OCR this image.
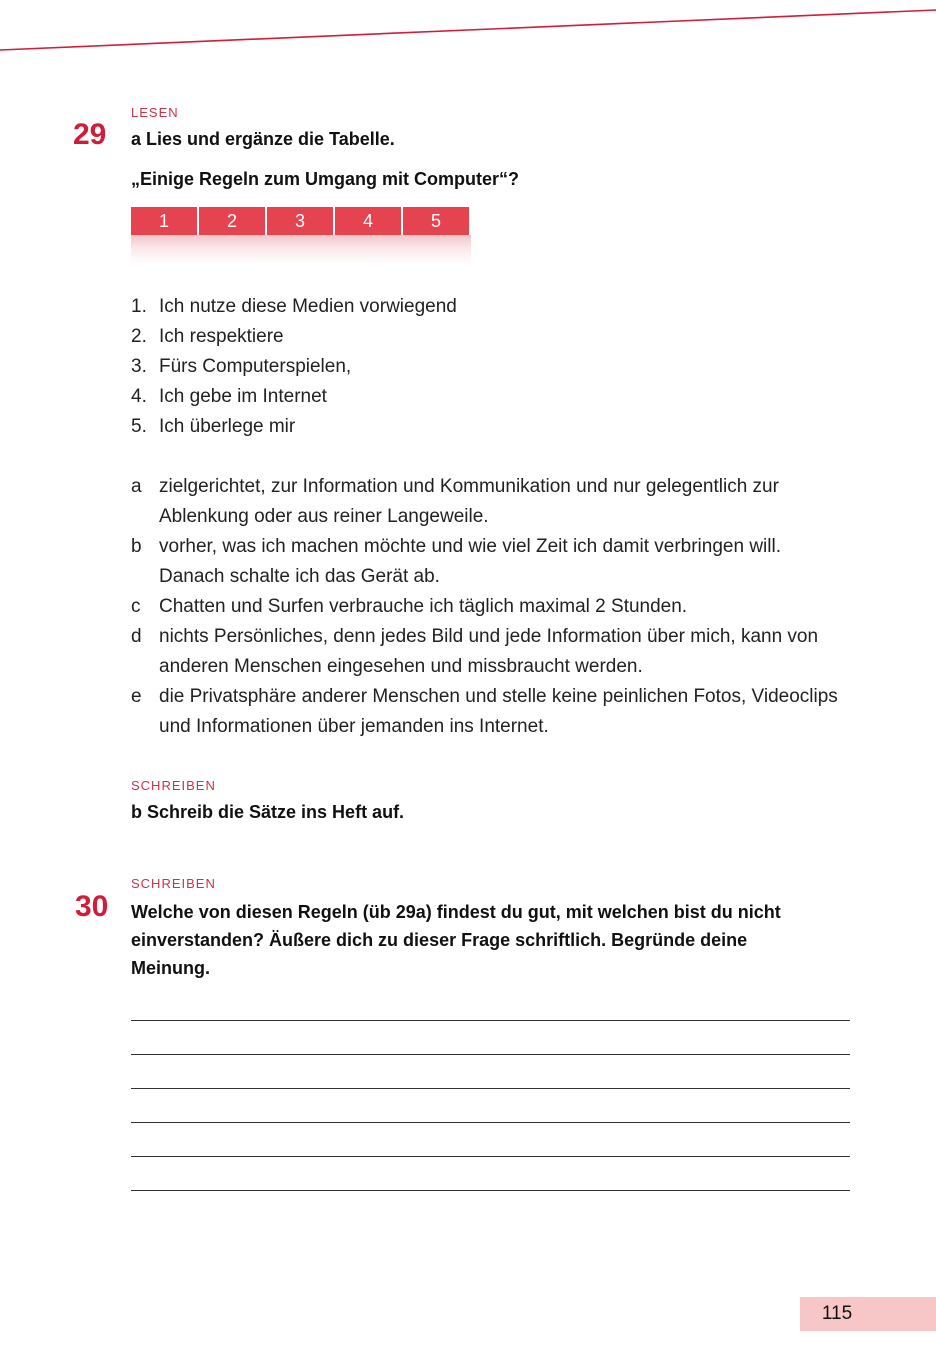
LESEN
29 a Lies und ergänze die Tabelle.
„Einige Regeln zum Umgang mit Computer“?
1	2	3	4	5
1. Ich nutze diese Medien vorwiegend
2. Ich respektiere
3. Fürs Computerspielen,
4. Ich gebe im Internet
5. Ich überlege mir
a zielgerichtet, zur Information und Kommunikation und nur gelegentlich zur Ablenkung oder aus reiner Langeweile.
b vorher, was ich machen möchte und wie viel Zeit ich damit verbringen will. Danach schalte ich das Gerät ab.
c Chatten und Surfen verbrauche ich täglich maximal 2 Stunden.
d nichts Persönliches, denn jedes Bild und jede Information über mich, kann von anderen Menschen eingesehen und missbraucht werden.
e die Privatsphäre anderer Menschen und stelle keine peinlichen Fotos, Videoclips und Informationen über jemanden ins Internet.
SCHREIBEN
b Schreib die Sätze ins Heft auf.
SCHREIBEN
30 Welche von diesen Regeln (üb 29a) findest du gut, mit welchen bist du nicht einverstanden? Äußere dich zu dieser Frage schriftlich. Begründe deine Meinung.
115
